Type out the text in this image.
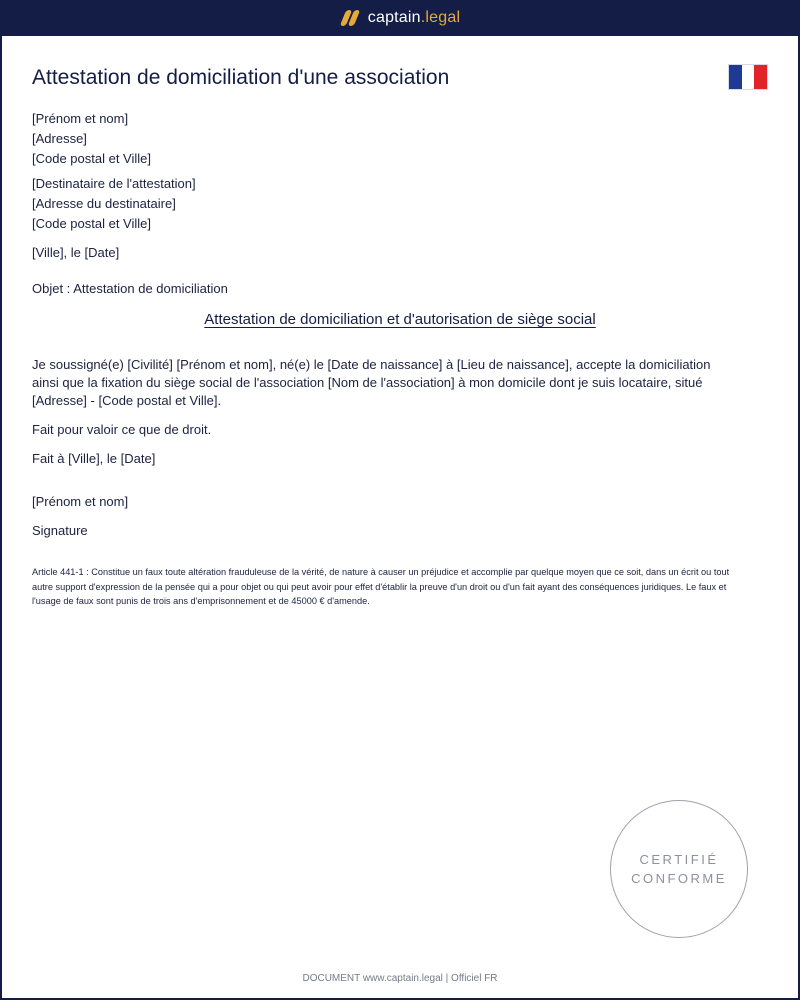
captain.legal
Attestation de domiciliation d'une association
[Prénom et nom]
[Adresse]
[Code postal et Ville]
[Destinataire de l'attestation]
[Adresse du destinataire]
[Code postal et Ville]
[Ville], le [Date]
Objet : Attestation de domiciliation
Attestation de domiciliation et d'autorisation de siège social

Je soussigné(e) [Civilité] [Prénom et nom], né(e) le [Date de naissance] à [Lieu de naissance], accepte la domiciliation ainsi que la fixation du siège social de l'association [Nom de l'association] à mon domicile dont je suis locataire, situé [Adresse] - [Code postal et Ville].

Fait pour valoir ce que de droit.
Fait à [Ville], le [Date]
[Prénom et nom]
Signature

Article 441-1 : Constitue un faux toute altération frauduleuse de la vérité, de nature à causer un préjudice et accomplie par quelque moyen que ce soit, dans un écrit ou tout autre support d'expression de la pensée qui a pour objet ou qui peut avoir pour effet d'établir la preuve d'un droit ou d'un fait ayant des conséquences juridiques. Le faux et l'usage de faux sont punis de trois ans d'emprisonnement et de 45000 € d'amende.

CERTIFIÉ
CONFORME
DOCUMENT www.captain.legal | Officiel FR
